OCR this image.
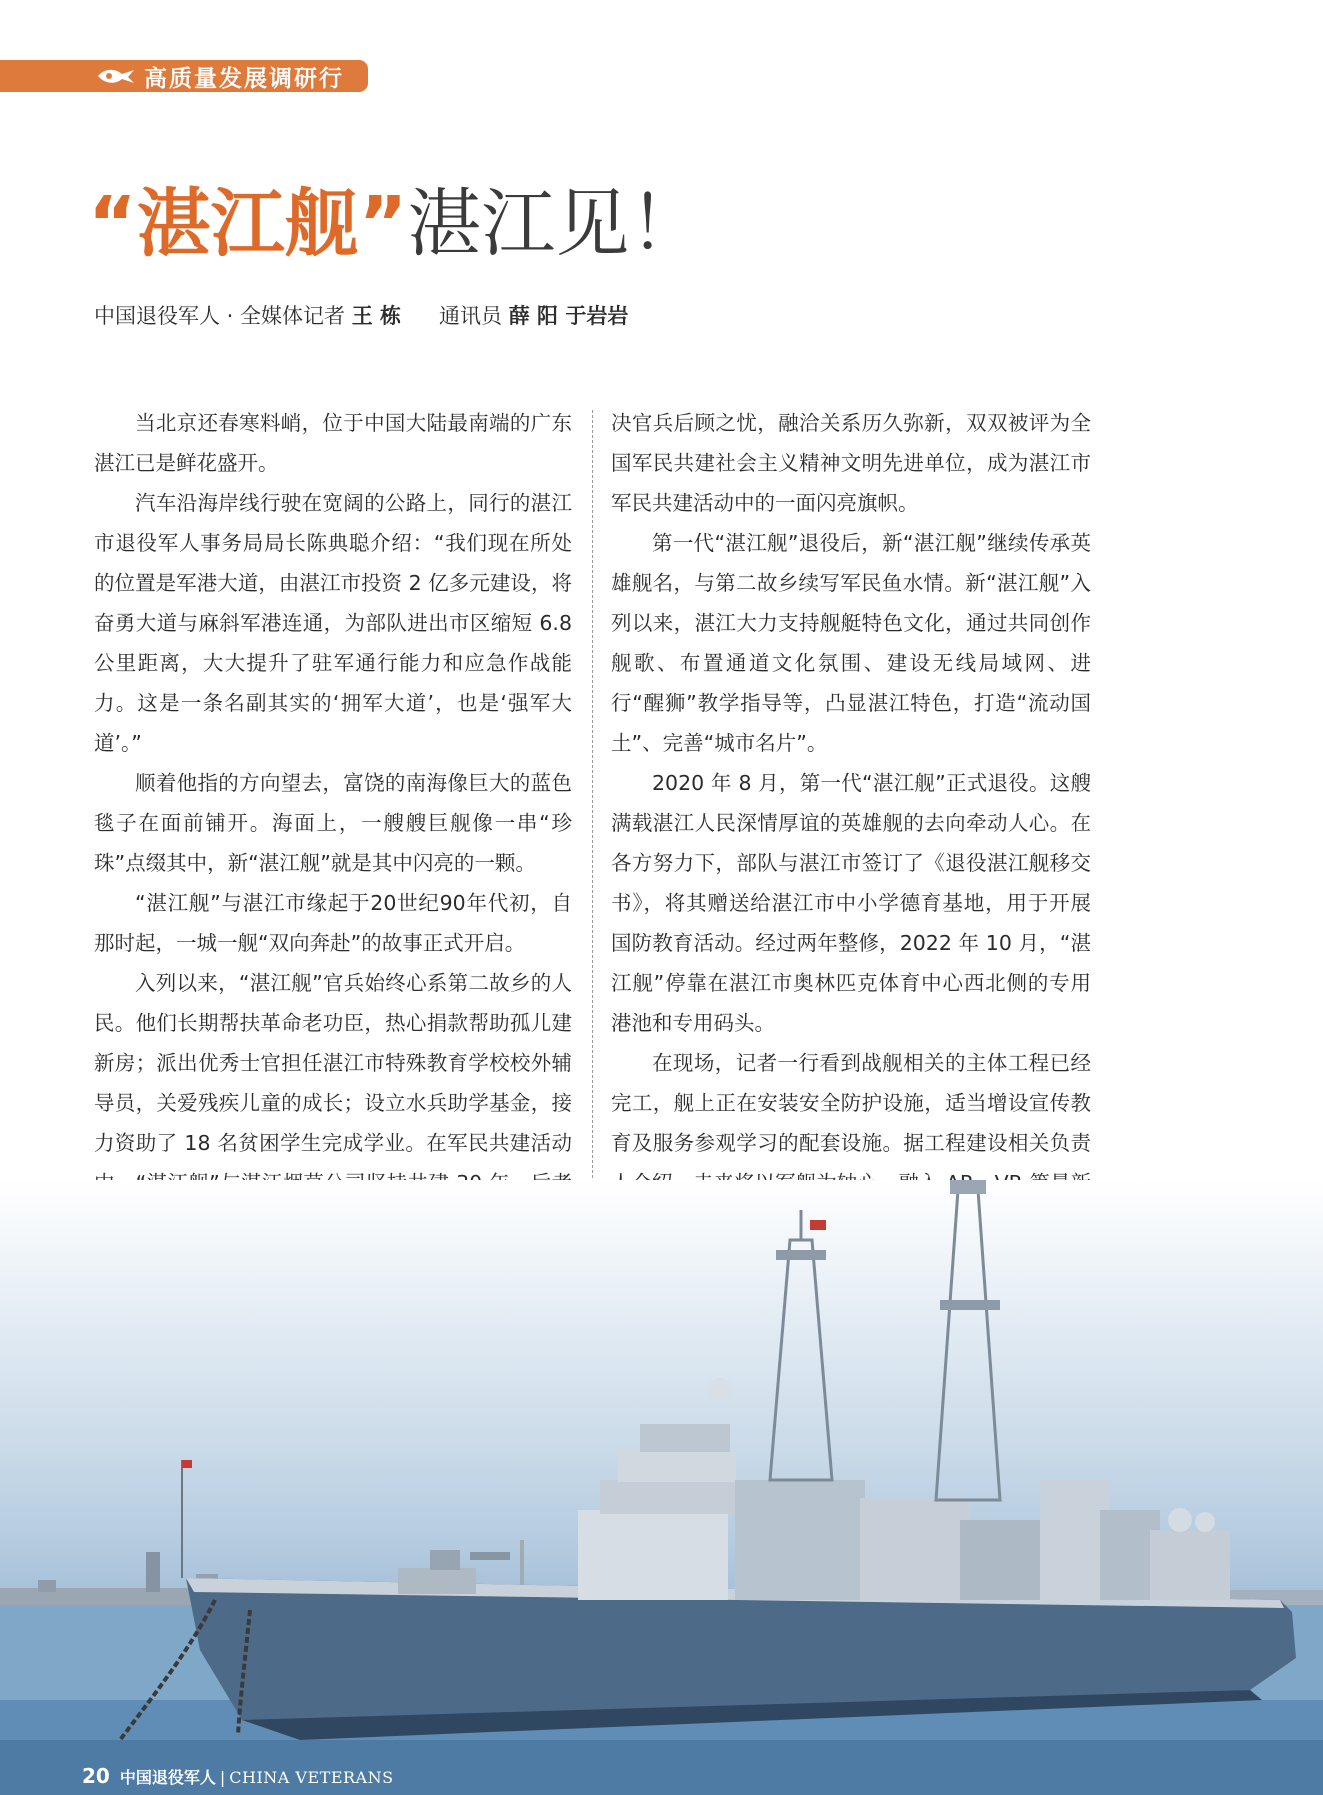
高质量发展调研行
“湛江舰”湛江见！
中国退役军人 · 全媒体记者 王 栋 通讯员 薛 阳 于岩岩

当北京还春寒料峭，位于中国大陆最南端的广东湛江已是鲜花盛开。

汽车沿海岸线行驶在宽阔的公路上，同行的湛江市退役军人事务局局长陈典聪介绍：“我们现在所处的位置是军港大道，由湛江市投资 2 亿多元建设，将奋勇大道与麻斜军港连通，为部队进出市区缩短 6.8 公里距离，大大提升了驻军通行能力和应急作战能力。这是一条名副其实的‘拥军大道’，也是‘强军大道’。”

顺着他指的方向望去，富饶的南海像巨大的蓝色毯子在面前铺开。海面上，一艘艘巨舰像一串“珍珠”点缀其中，新“湛江舰”就是其中闪亮的一颗。

“湛江舰”与湛江市缘起于20世纪90年代初，自那时起，一城一舰“双向奔赴”的故事正式开启。

入列以来，“湛江舰”官兵始终心系第二故乡的人民。他们长期帮扶革命老功臣，热心捐款帮助孤儿建新房；派出优秀士官担任湛江市特殊教育学校校外辅导员，关爱残疾儿童的成长；设立水兵助学基金，接力资助了 18 名贫困学生完成学业。在军民共建活动

决官兵后顾之忧，融洽关系历久弥新，双双被评为全国军民共建社会主义精神文明先进单位，成为湛江市军民共建活动中的一面闪亮旗帜。

第一代“湛江舰”退役后，新“湛江舰”继续传承英雄舰名，与第二故乡续写军民鱼水情。新“湛江舰”入列以来，湛江大力支持舰艇特色文化，通过共同创作舰歌、布置通道文化氛围、建设无线局域网、进行“醒狮”教学指导等，凸显湛江特色，打造“流动国土”、完善“城市名片”。

2020 年 8 月，第一代“湛江舰”正式退役。这艘满载湛江人民深情厚谊的英雄舰的去向牵动人心。在各方努力下，部队与湛江市签订了《退役湛江舰移交书》，将其赠送给湛江市中小学德育基地，用于开展国防教育活动。经过两年整修，2022 年 10 月，“湛江舰”停靠在湛江市奥林匹克体育中心西北侧的专用港池和专用码头。

在现场，记者一行看到战舰相关的主体工程已经完工，舰上正在安装安全防护设施，适当增设宣传教育及服务参观学习的配套设施。据工程建设相关负责

20 中国退役军人 | CHINA VETERANS
